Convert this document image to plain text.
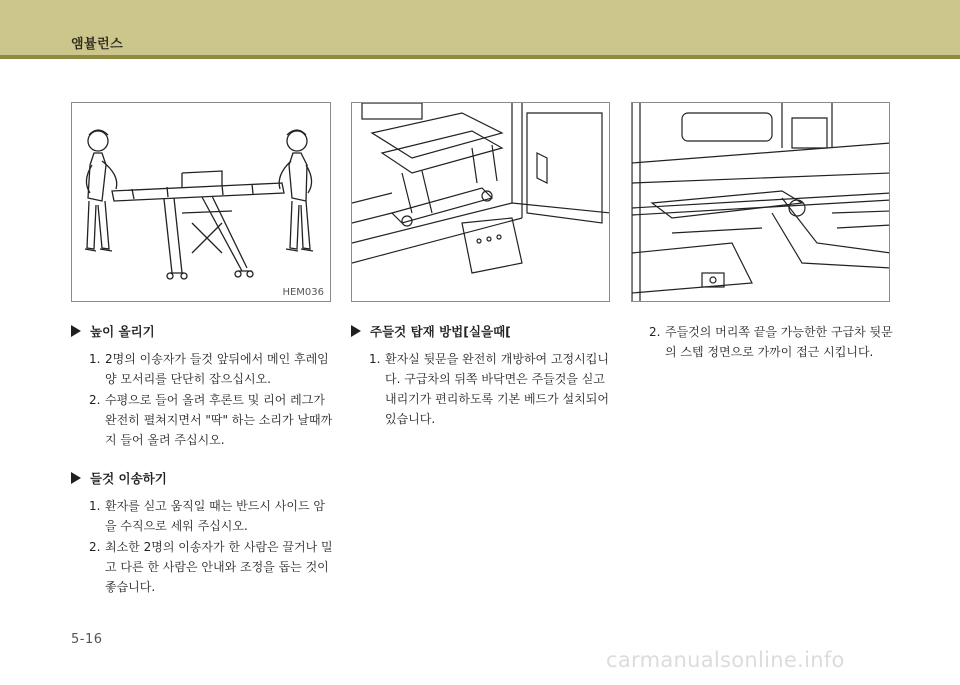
앰뷸런스
HEM036
높이 올리기
1. 2명의 이송자가 들것 앞뒤에서 메인 후레임 양 모서리를 단단히 잡으십시오.
2. 수평으로 들어 올려 후론트 및 리어 레그가 완전히 펼쳐지면서 "딱" 하는 소리가 날때까지 들어 올려 주십시오.
들것 이송하기
1. 환자를 싣고 움직일 때는 반드시 사이드 암을 수직으로 세워 주십시오.
2. 최소한 2명의 이송자가 한 사람은 끌거나 밀고 다른 한 사람은 안내와 조정을 돕는 것이 좋습니다.
주들것 탑재 방법[실을때[
1. 환자실 뒷문을 완전히 개방하여 고정시킵니다. 구급차의 뒤쪽 바닥면은 주들것을 싣고 내리기가 편리하도록 기본 베드가 설치되어 있습니다.
2. 주들것의 머리쪽 끝을 가능한한 구급차 뒷문의 스텝 정면으로 가까이 접근 시킵니다.
5-16
carmanualsonline.info
